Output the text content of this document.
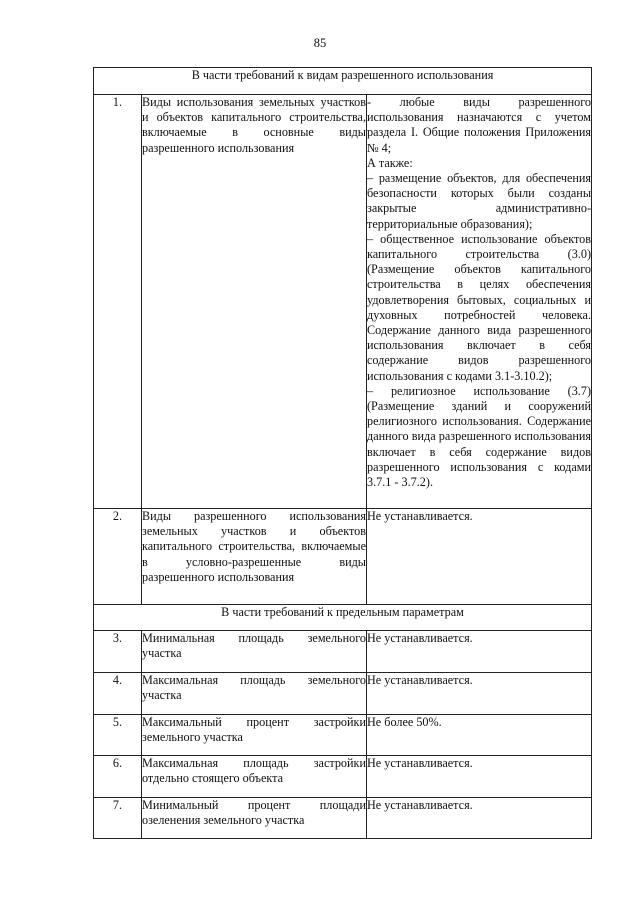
85
В части требований к видам разрешенного использования		
1.	Виды использования земельных участков и объектов капитального строительства, включаемые в основные виды разрешенного использования	- любые виды разрешенного использования назначаются с учетом раздела I. Общие положения Приложения № 4;
А также:
– размещение объектов, для обеспечения безопасности которых были созданы закрытые административно-территориальные образования);
– общественное использование объектов капитального строительства (3.0) (Размещение объектов капитального строительства в целях обеспечения удовлетворения бытовых, социальных и духовных потребностей человека. Содержание данного вида разрешенного использования включает в себя содержание видов разрешенного использования с кодами 3.1-3.10.2);
– религиозное использование (3.7) (Размещение зданий и сооружений религиозного использования. Содержание данного вида разрешенного использования включает в себя содержание видов разрешенного использования с кодами 3.7.1 - 3.7.2).

2.	Виды разрешенного использования земельных участков и объектов капитального строительства, включаемые в условно-разрешенные виды разрешенного использования	Не устанавливается.
В части требований к предельным параметрам		
3.	Минимальная площадь земельного участка	Не устанавливается.
4.	Максимальная площадь земельного участка	Не устанавливается.
5.	Максимальный процент застройки земельного участка	Не более 50%.
6.	Максимальная площадь застройки отдельно стоящего объекта	Не устанавливается.
7.	Минимальный процент площади озеленения земельного участка	Не устанавливается.
